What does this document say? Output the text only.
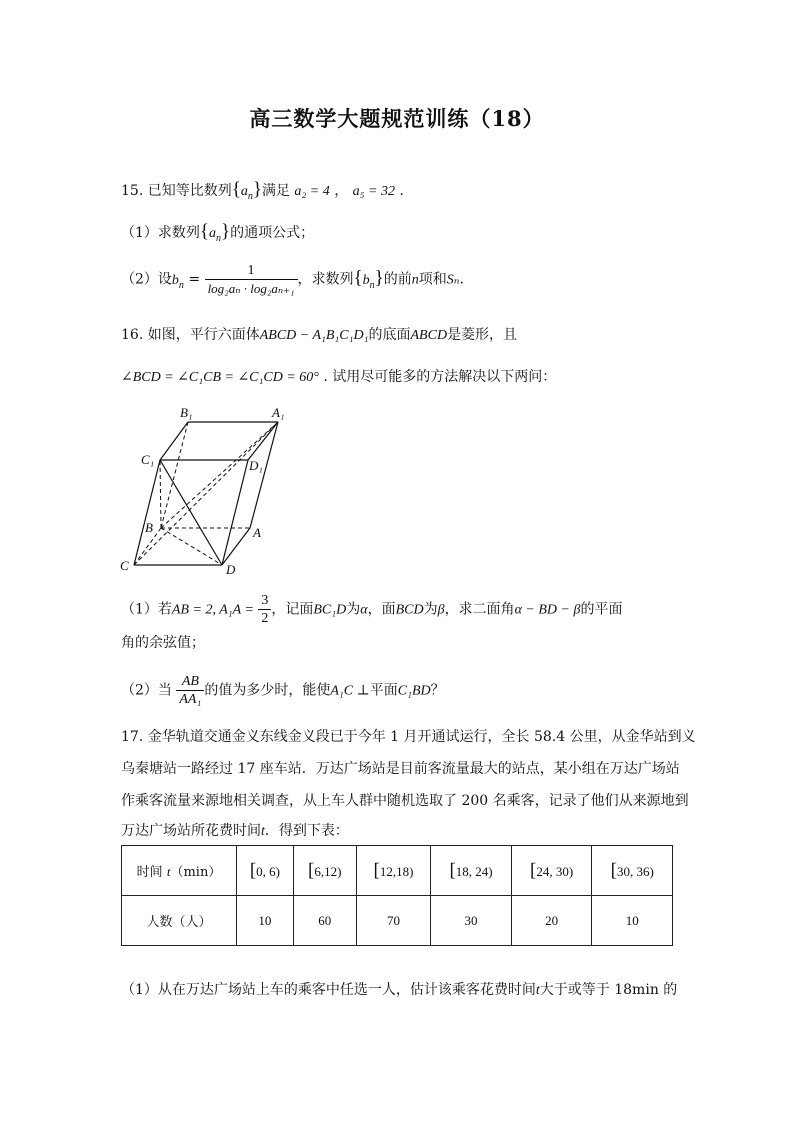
高三数学大题规范训练（18）
15. 已知等比数列$\{a_n\}$满足 a₂ = 4 ， a₅ = 32 .
（1）求数列$\{a_n\}$的通项公式；
（2）设$b_n = \frac{1}{\text{log₂aₙ · log₂aₙ₊₁}}$ ，求数列$\{b_n\}$的前n项和Sₙ.
16. 如图，平行六面体ABCD − A₁B₁C₁D₁的底面ABCD是菱形，且
∠BCD = ∠C₁CB = ∠C₁CD = 60° . 试用尽可能多的方法解决以下两问：
B₁	A₁
C₁	D₁
B	A
C	D
（1）若AB = 2, $A_1A = \frac{3}{2}$ ，记面BC₁D为α，面BCD为β，求二面角α − BD − β的平面
角的余弦值；
（2）当 $\frac{AB}{\text{AA₁}}$ 的值为多少时，能使A₁C ⊥平面C₁BD？
17. 金华轨道交通金义东线金义段已于今年 1 月开通试运行，全长 58.4 公里，从金华站到义
乌秦塘站一路经过 17 座车站．万达广场站是目前客流量最大的站点，某小组在万达广场站
作乘客流量来源地相关调查，从上车人群中随机选取了 200 名乘客，记录了他们从来源地到
万达广场站所花费时间t．得到下表：
时间 t（min）	[0, 6)	[6,12)	[12,18)	[18, 24)	[24, 30)	[30, 36)
人数（人）	10	60	70	30	20	10
（1）从在万达广场站上车的乘客中任选一人，估计该乘客花费时间t大于或等于 18min 的
